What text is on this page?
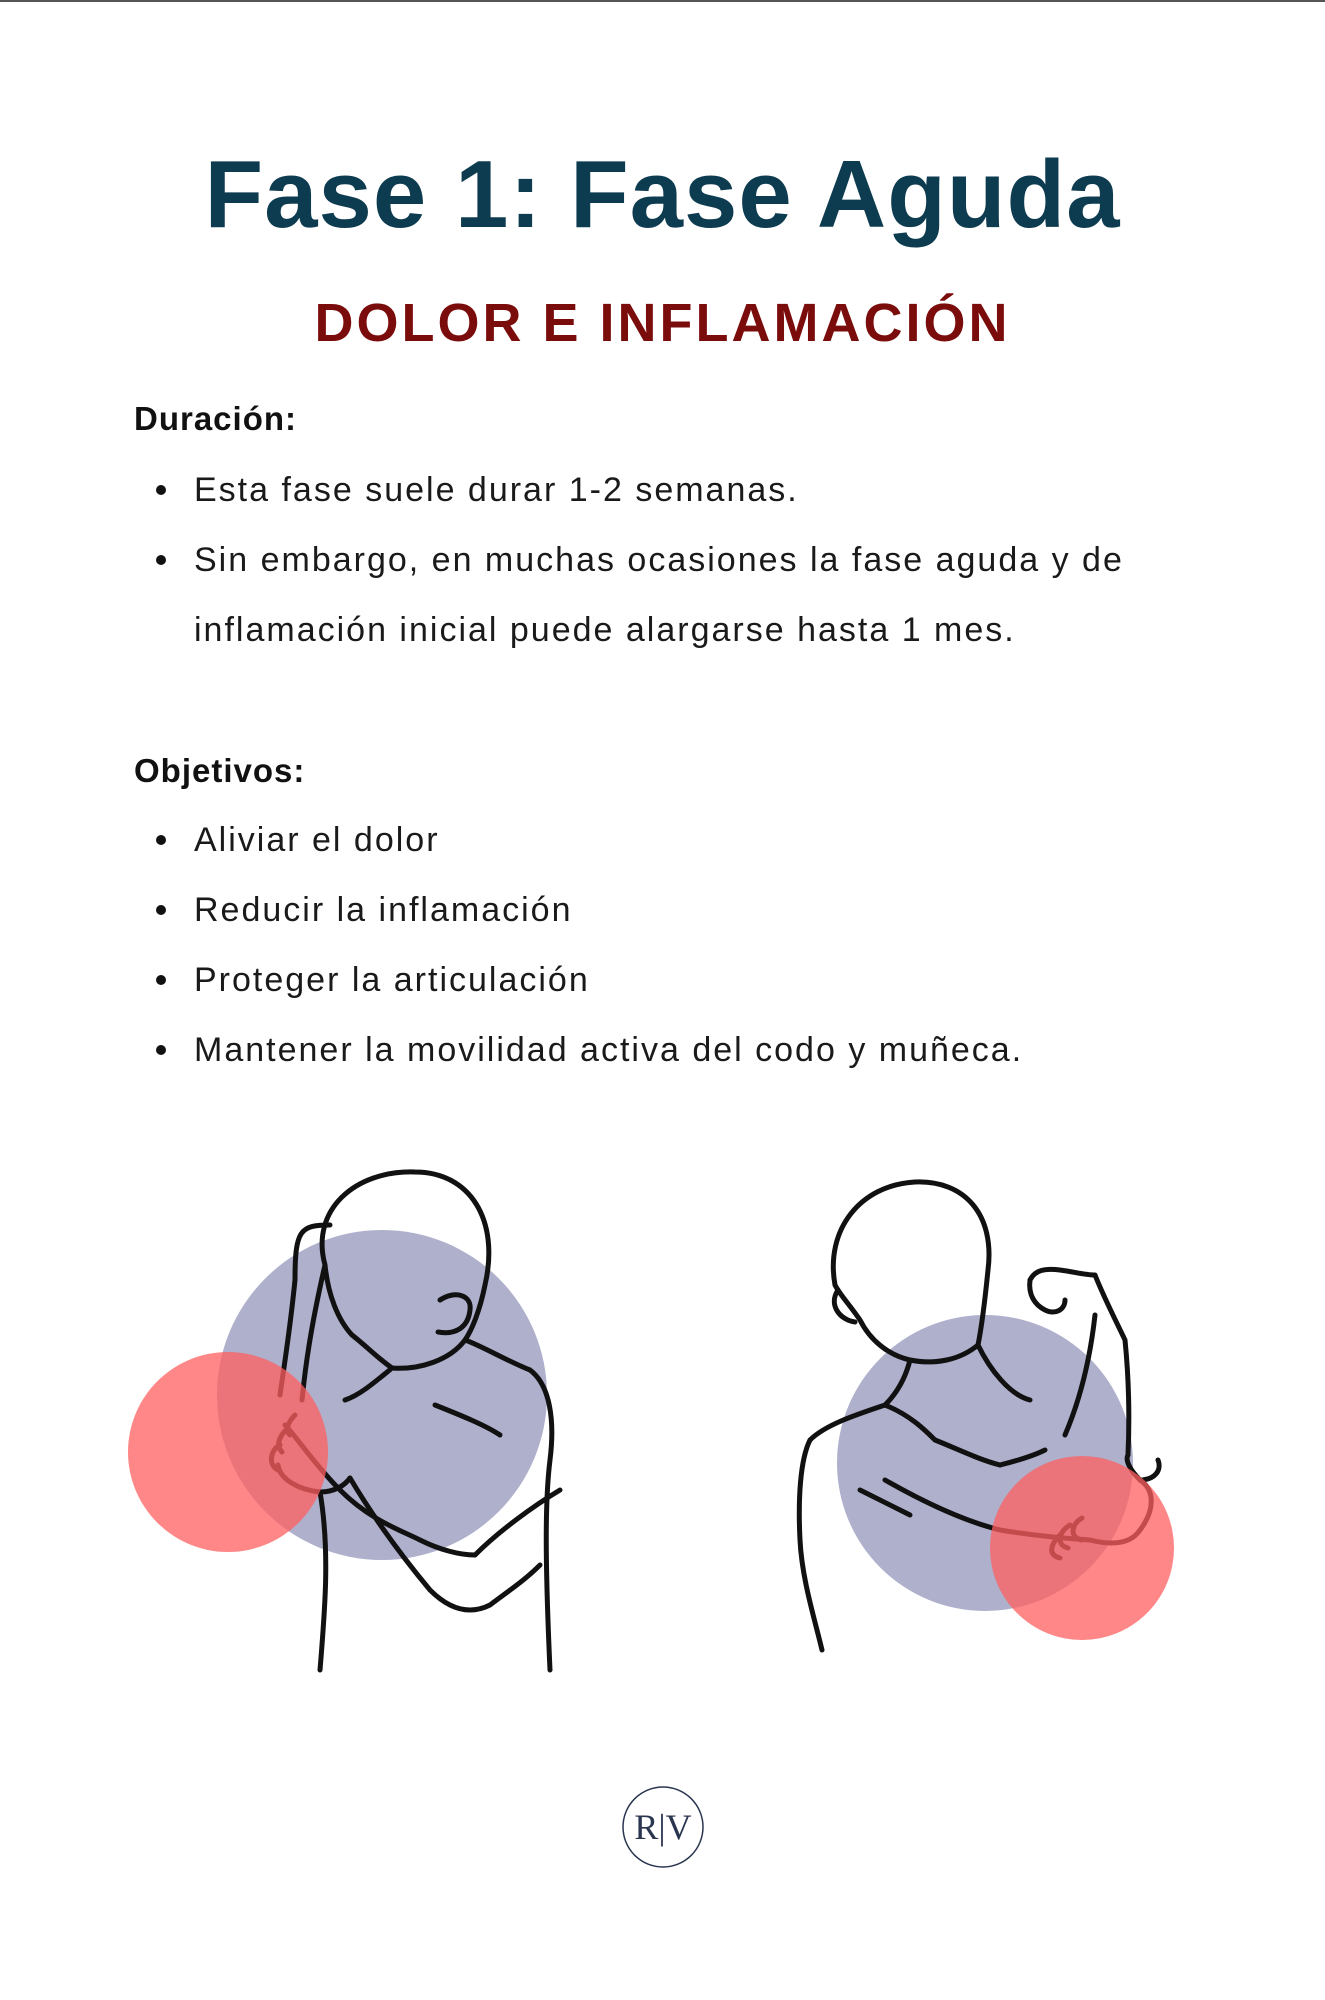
Fase 1: Fase Aguda
DOLOR E INFLAMACIÓN
Duración:
Esta fase suele durar 1-2 semanas.
Sin embargo, en muchas ocasiones la fase aguda y de inflamación inicial puede alargarse hasta 1 mes.
Objetivos:
Aliviar el dolor
Reducir la inflamación
Proteger la articulación
Mantener la movilidad activa del codo y muñeca.
R|V
